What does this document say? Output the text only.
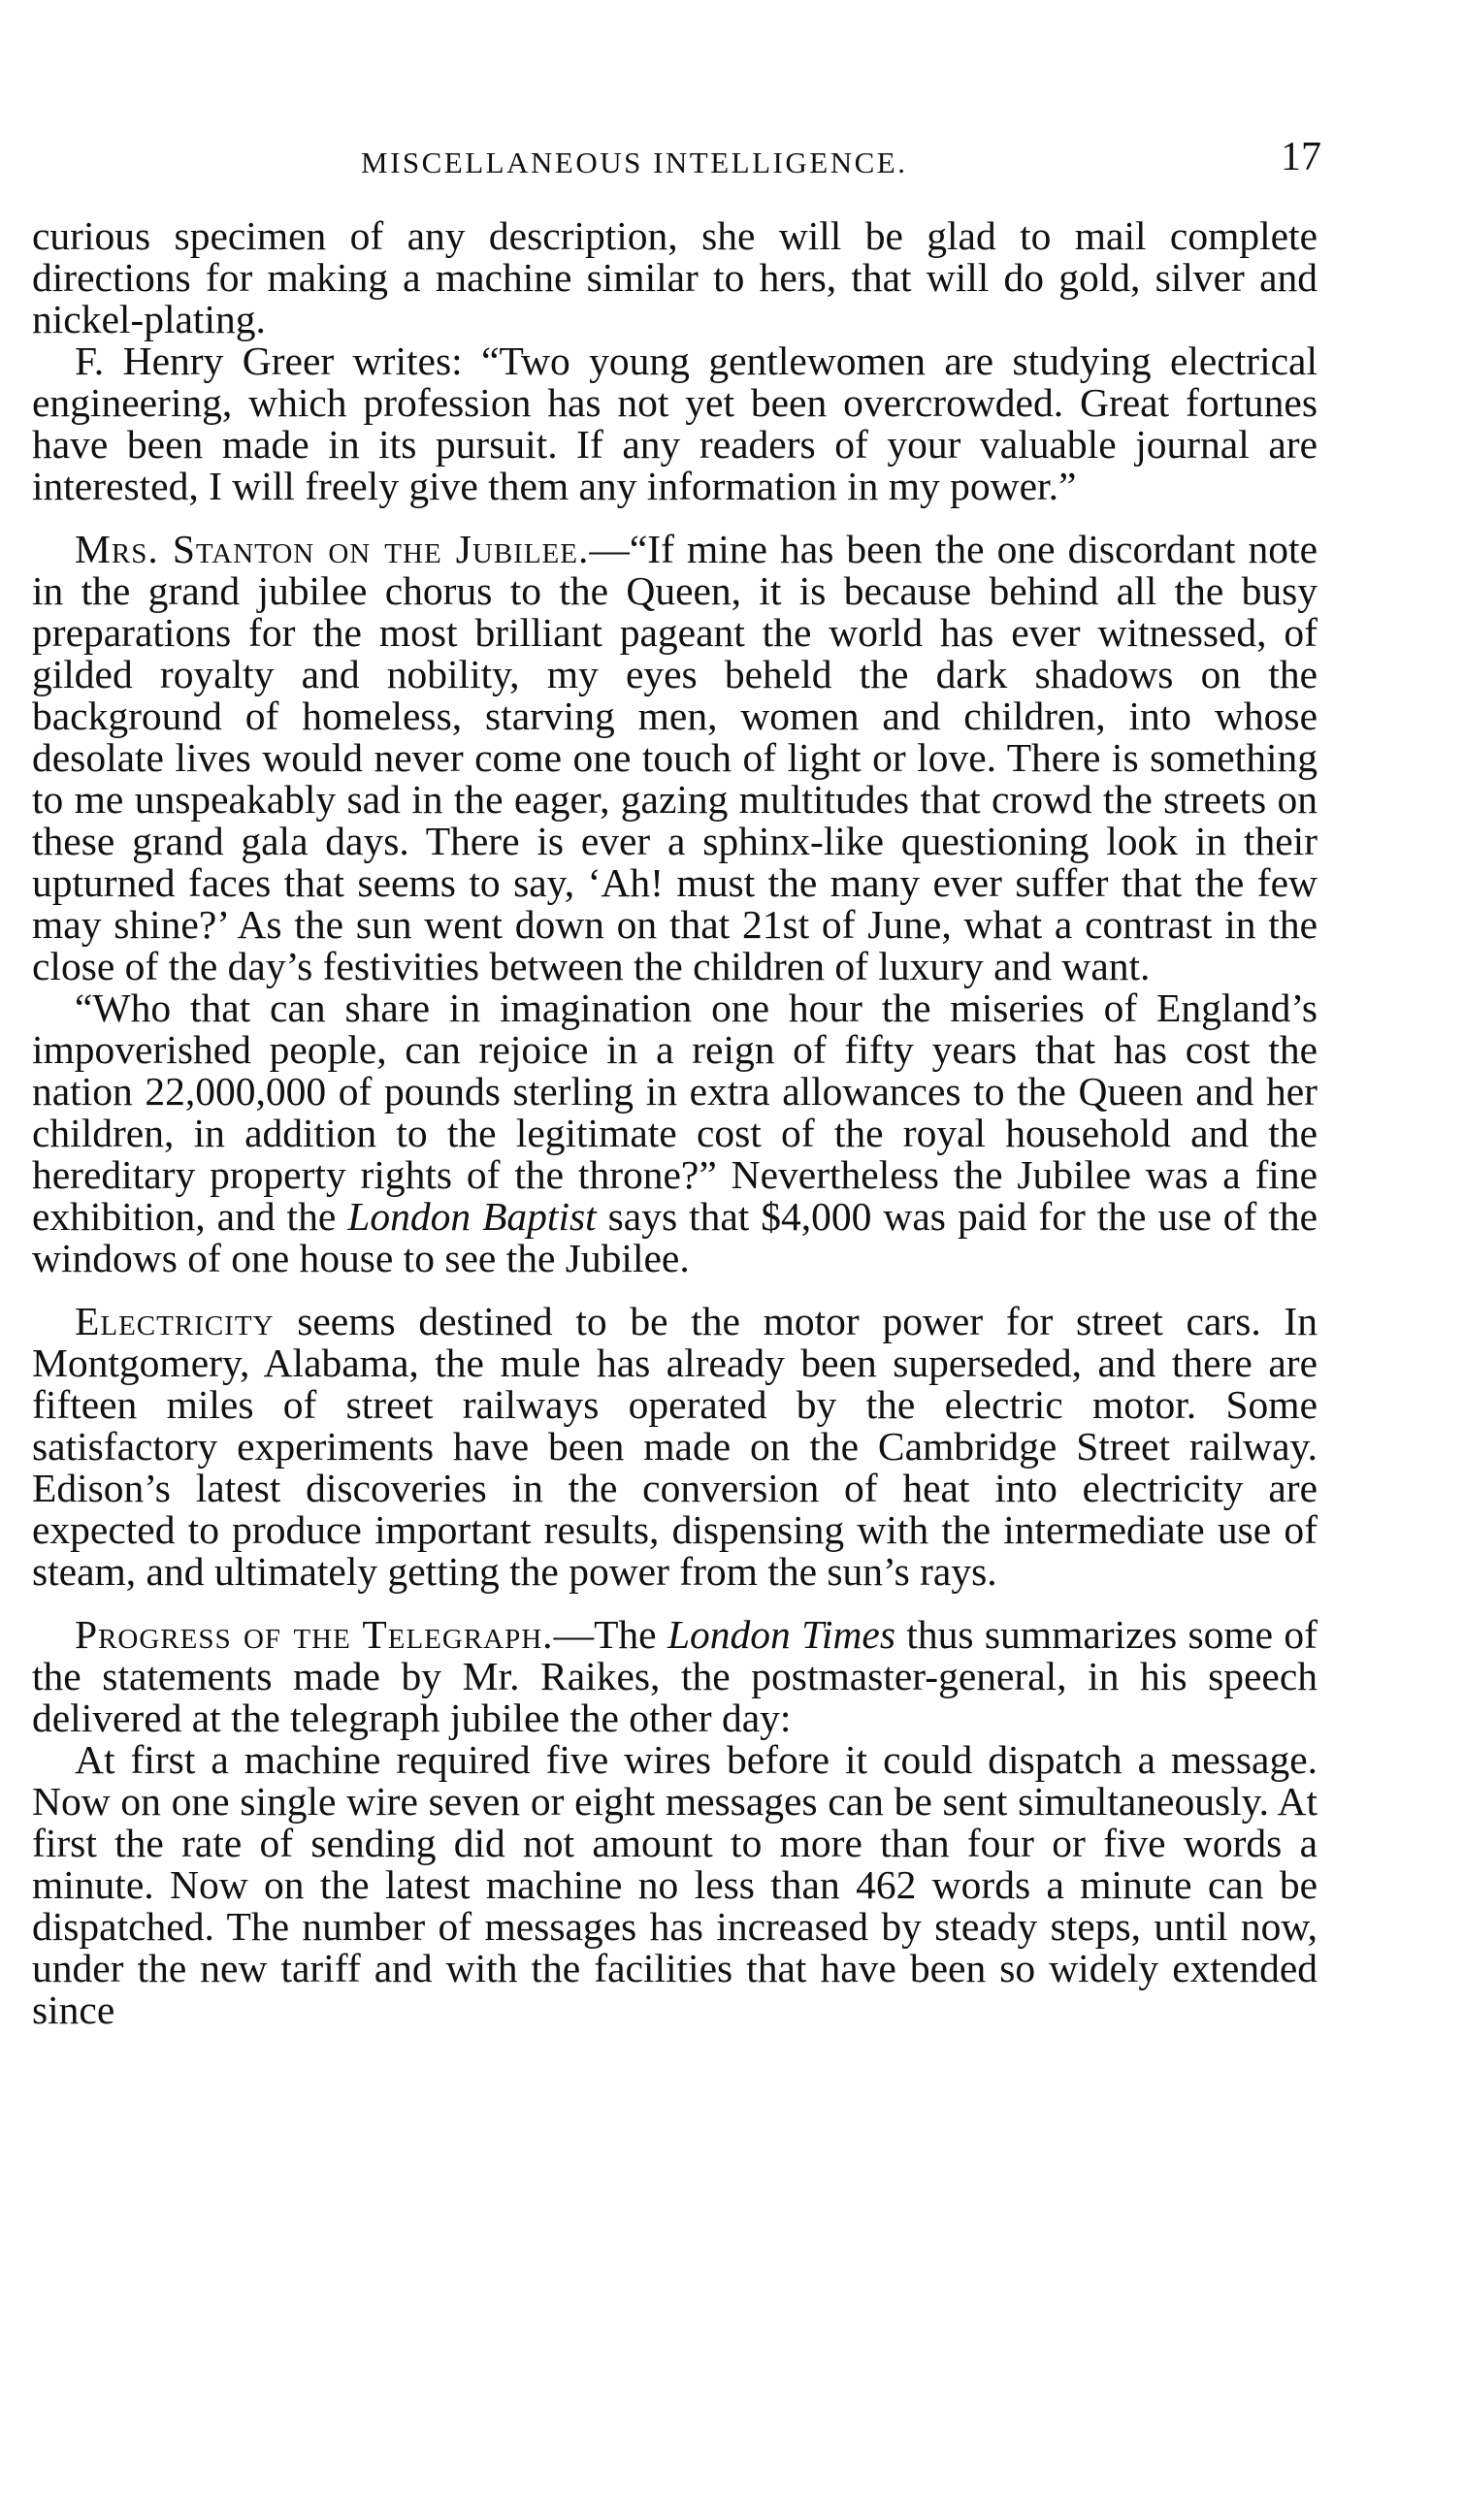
MISCELLANEOUS INTELLIGENCE.	17

curious specimen of any description, she will be glad to mail complete directions for making a machine similar to hers, that will do gold, silver and nickel-plating.

F. Henry Greer writes: “Two young gentlewomen are studying electrical engineering, which profession has not yet been overcrowded. Great fortunes have been made in its pursuit. If any readers of your valuable journal are interested, I will freely give them any information in my power.”

Mrs. Stanton on the Jubilee.—“If mine has been the one discordant note in the grand jubilee chorus to the Queen, it is because behind all the busy preparations for the most brilliant pageant the world has ever witnessed, of gilded royalty and nobility, my eyes beheld the dark shadows on the background of homeless, starving men, women and children, into whose desolate lives would never come one touch of light or love. There is something to me unspeakably sad in the eager, gazing multitudes that crowd the streets on these grand gala days. There is ever a sphinx-like questioning look in their upturned faces that seems to say, ‘Ah! must the many ever suffer that the few may shine?’ As the sun went down on that 21st of June, what a contrast in the close of the day’s festivities between the children of luxury and want.

“Who that can share in imagination one hour the miseries of England’s impoverished people, can rejoice in a reign of fifty years that has cost the nation 22,000,000 of pounds sterling in extra allowances to the Queen and her children, in addition to the legitimate cost of the royal household and the hereditary property rights of the throne?” Nevertheless the Jubilee was a fine exhibition, and the London Baptist says that $4,000 was paid for the use of the windows of one house to see the Jubilee.

Electricity seems destined to be the motor power for street cars. In Montgomery, Alabama, the mule has already been superseded, and there are fifteen miles of street railways operated by the electric motor. Some satisfactory experiments have been made on the Cambridge Street railway. Edison’s latest discoveries in the conversion of heat into electricity are expected to produce important results, dispensing with the intermediate use of steam, and ultimately getting the power from the sun’s rays.

Progress of the Telegraph.—The London Times thus summarizes some of the statements made by Mr. Raikes, the postmaster-general, in his speech delivered at the telegraph jubilee the other day:

At first a machine required five wires before it could dispatch a message. Now on one single wire seven or eight messages can be sent simultaneously. At first the rate of sending did not amount to more than four or five words a minute. Now on the latest machine no less than 462 words a minute can be dispatched. The number of messages has increased by steady steps, until now, under the new tariff and with the facilities that have been so widely extended since
